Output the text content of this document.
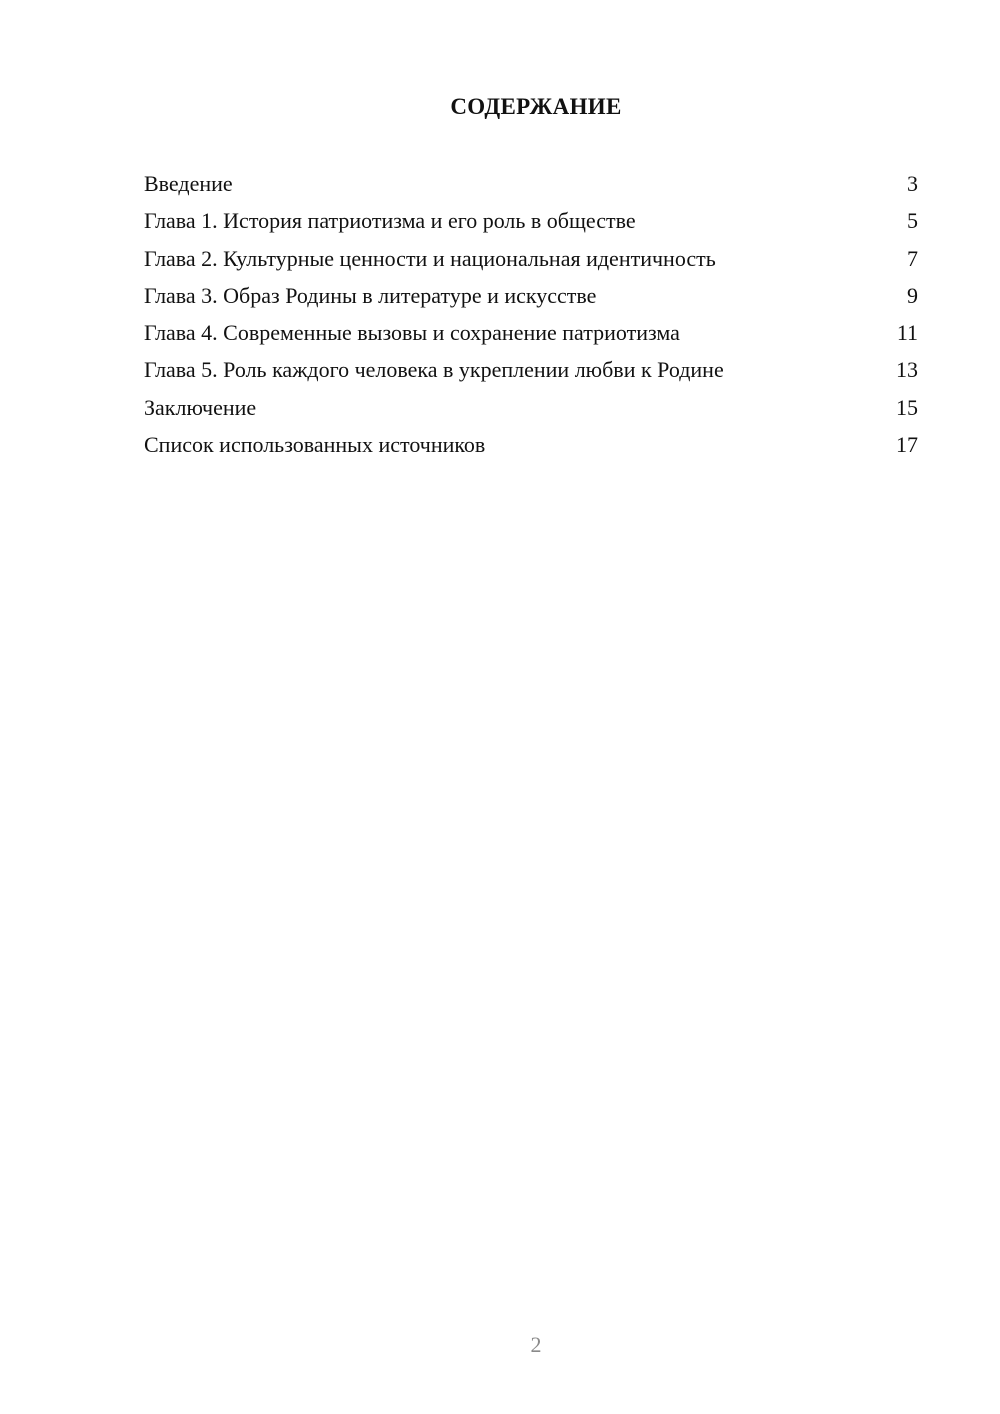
СОДЕРЖАНИЕ
Введение	3
Глава 1. История патриотизма и его роль в обществе	5
Глава 2. Культурные ценности и национальная идентичность	7
Глава 3. Образ Родины в литературе и искусстве	9
Глава 4. Современные вызовы и сохранение патриотизма	11
Глава 5. Роль каждого человека в укреплении любви к Родине	13
Заключение	15
Список использованных источников	17
2
